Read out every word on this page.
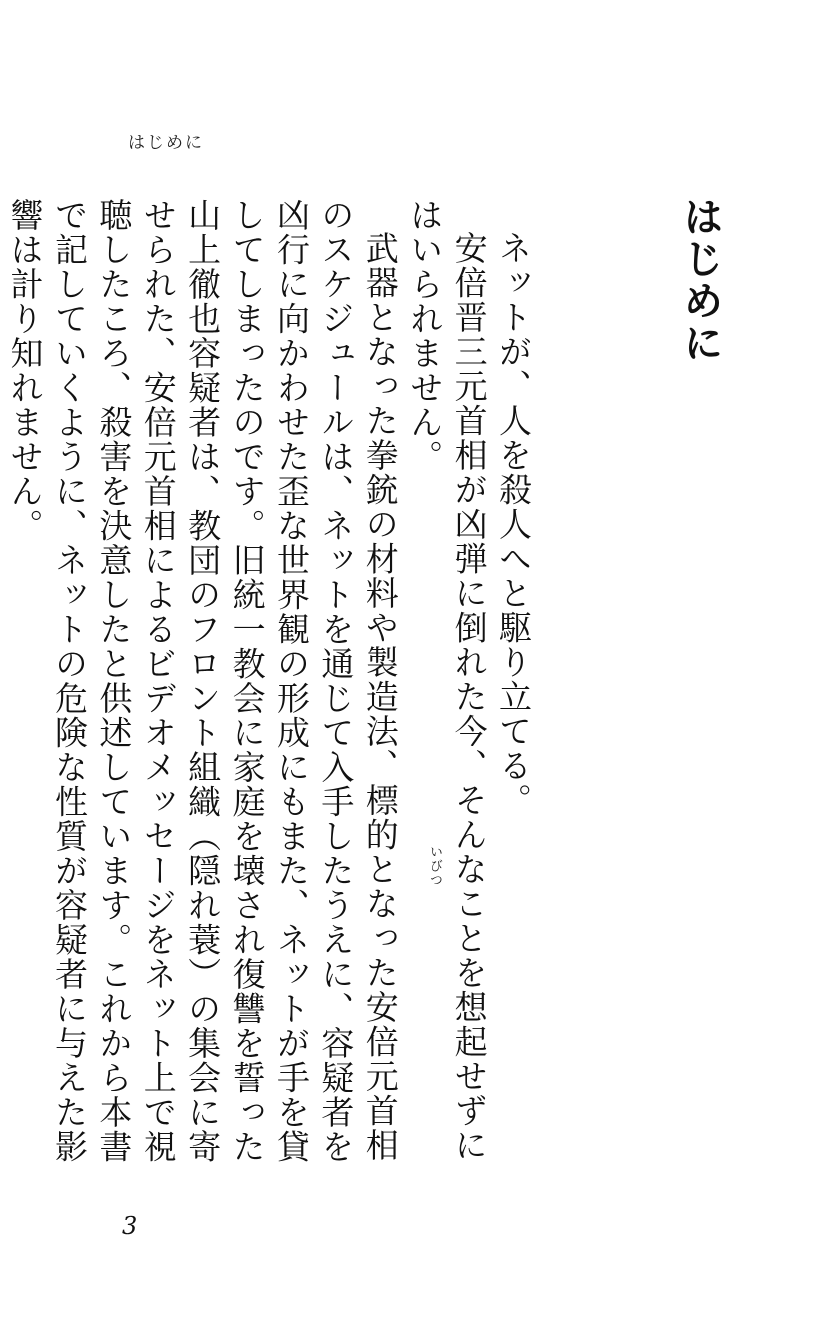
はじめに
はじめに

ネットが、人を殺人へと駆り立てる。

安倍晋三元首相が凶弾に倒れた今、そんなことを想起せずにはいられません。

武器となった拳銃の材料や製造法、標的となった安倍元首相のスケジュールは、ネットを通じて入手したうえに、容疑者を凶行に向かわせた歪な世界観の形成にもまた、ネットが手を貸してしまったのです。旧統一教会に家庭を壊され復讐を誓った山上徹也容疑者は、教団のフロント組織（隠れ蓑）の集会に寄せられた、安倍元首相によるビデオメッセージをネット上で視聴したころ、殺害を決意したと供述しています。これから本書で記していくように、ネットの危険な性質が容疑者に与えた影響は計り知れません。

いびつ
3
